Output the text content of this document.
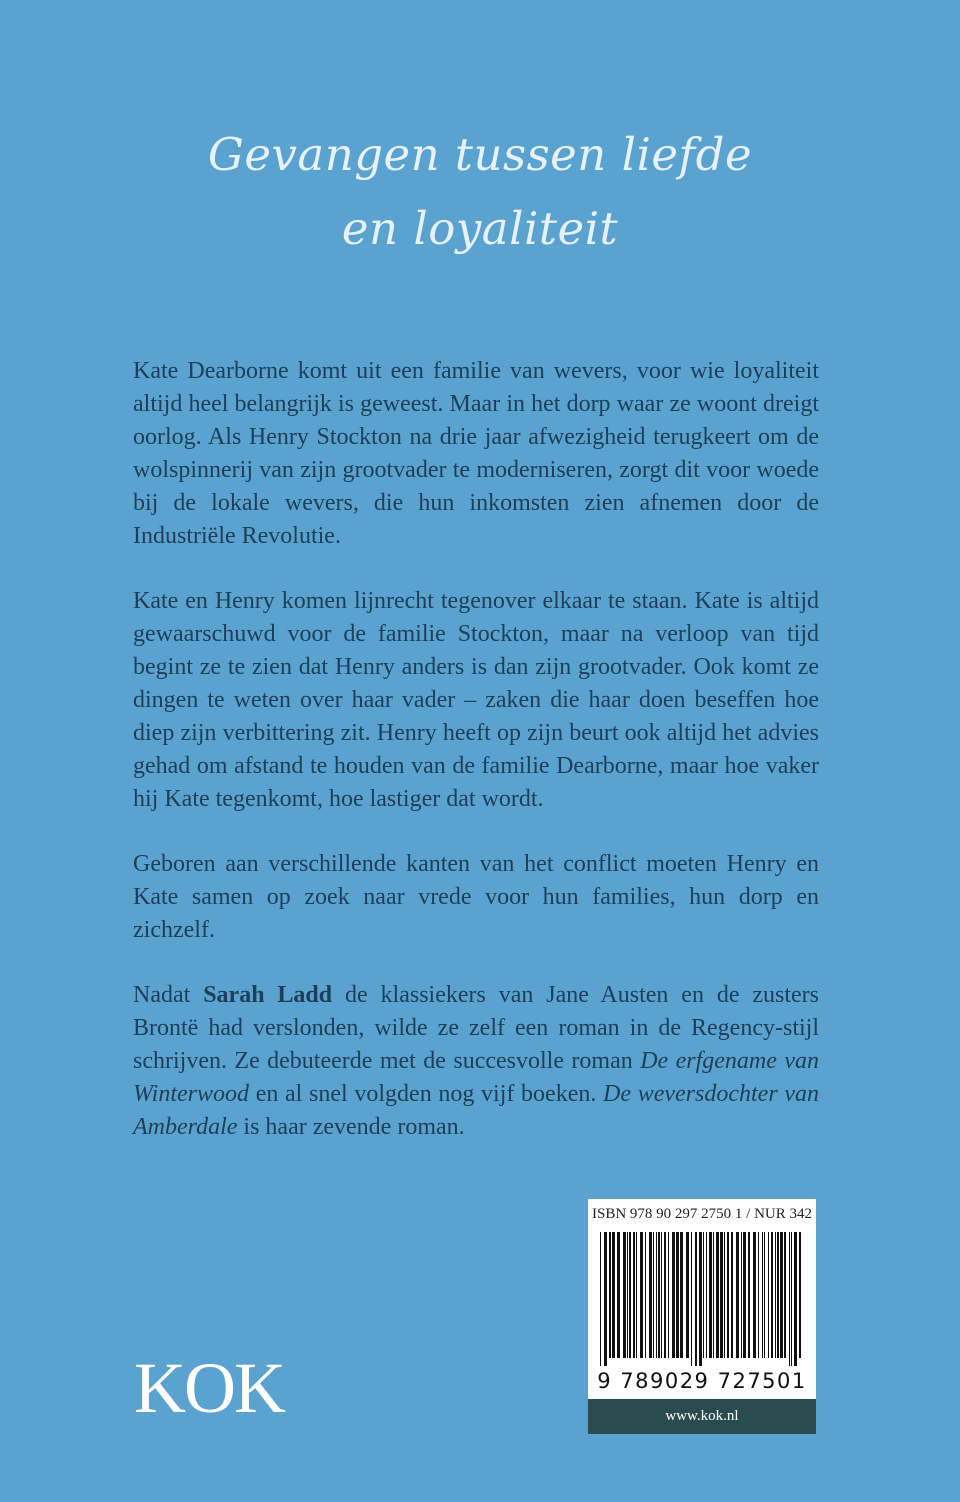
Gevangen tussen liefde
en loyaliteit

Kate Dearborne komt uit een familie van wevers, voor wie loyaliteit altijd heel belangrijk is geweest. Maar in het dorp waar ze woont dreigt oorlog. Als Henry Stockton na drie jaar afwezigheid terugkeert om de wolspinnerij van zijn grootvader te moderniseren, zorgt dit voor woede bij de lokale wevers, die hun inkomsten zien afnemen door de Industriële Revolutie.

Kate en Henry komen lijnrecht tegenover elkaar te staan. Kate is altijd gewaarschuwd voor de familie Stockton, maar na verloop van tijd begint ze te zien dat Henry anders is dan zijn grootvader. Ook komt ze dingen te weten over haar vader – zaken die haar doen beseffen hoe diep zijn verbittering zit. Henry heeft op zijn beurt ook altijd het advies gehad om afstand te houden van de familie Dearborne, maar hoe vaker hij Kate tegenkomt, hoe lastiger dat wordt.

Geboren aan verschillende kanten van het conflict moeten Henry en Kate samen op zoek naar vrede voor hun families, hun dorp en zichzelf.

Nadat Sarah Ladd de klassiekers van Jane Austen en de zusters Brontë had verslonden, wilde ze zelf een roman in de Regency-stijl schrijven. Ze debuteerde met de succesvolle roman De erfgename van Winterwood en al snel volgden nog vijf boeken. De weversdochter van Amberdale is haar zevende roman.

KOK
ISBN 978 90 297 2750 1 / NUR 342
9 789029 727501
www.kok.nl
